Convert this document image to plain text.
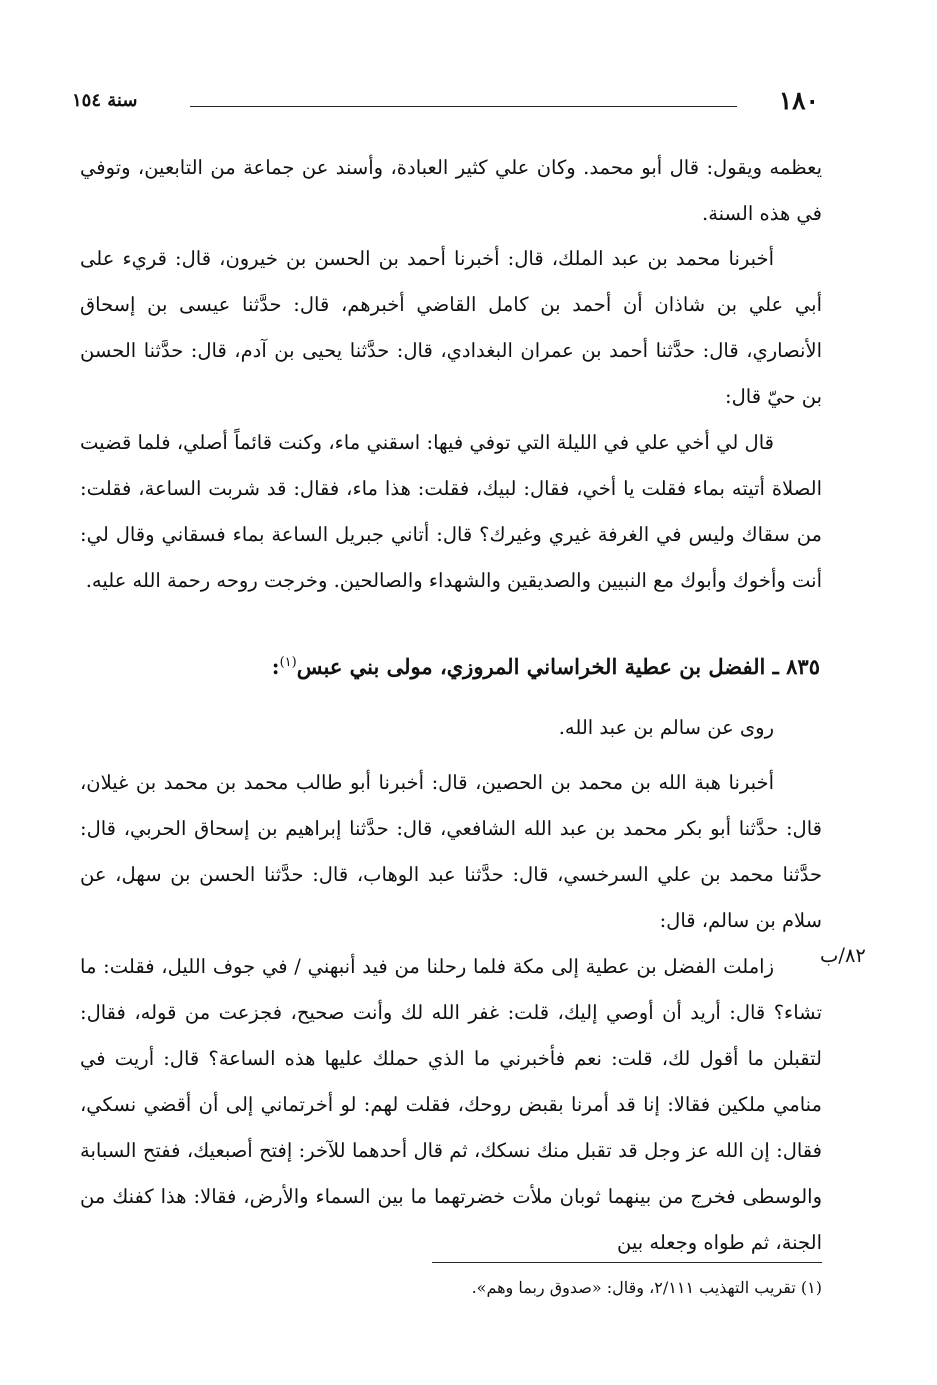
١٨٠
سنة ١٥٤

يعظمه ويقول: قال أبو محمد. وكان علي كثير العبادة، وأسند عن جماعة من التابعين، وتوفي في هذه السنة.

أخبرنا محمد بن عبد الملك، قال: أخبرنا أحمد بن الحسن بن خيرون، قال: قريء على أبي علي بن شاذان أن أحمد بن كامل القاضي أخبرهم، قال: حدَّثنا عيسى بن إسحاق الأنصاري، قال: حدَّثنا أحمد بن عمران البغدادي، قال: حدَّثنا يحيى بن آدم، قال: حدَّثنا الحسن بن حيّ قال:

قال لي أخي علي في الليلة التي توفي فيها: اسقني ماء، وكنت قائماً أصلي، فلما قضيت الصلاة أتيته بماء فقلت يا أخي، فقال: لبيك، فقلت: هذا ماء، فقال: قد شربت الساعة، فقلت: من سقاك وليس في الغرفة غيري وغيرك؟ قال: أتاني جبريل الساعة بماء فسقاني وقال لي: أنت وأخوك وأبوك مع النبيين والصديقين والشهداء والصالحين. وخرجت روحه رحمة الله عليه.

٨٣٥ ـ الفضل بن عطية الخراساني المروزي، مولى بني عبس$^{(١)}$:

روى عن سالم بن عبد الله.

أخبرنا هبة الله بن محمد بن الحصين، قال: أخبرنا أبو طالب محمد بن محمد بن غيلان، قال: حدَّثنا أبو بكر محمد بن عبد الله الشافعي، قال: حدَّثنا إبراهيم بن إسحاق الحربي، قال: حدَّثنا محمد بن علي السرخسي، قال: حدَّثنا عبد الوهاب، قال: حدَّثنا الحسن بن سهل، عن سلام بن سالم، قال:

٨٢/ب

زاملت الفضل بن عطية إلى مكة فلما رحلنا من فيد أنبهني / في جوف الليل، فقلت: ما تشاء؟ قال: أريد أن أوصي إليك، قلت: غفر الله لك وأنت صحيح، فجزعت من قوله، فقال: لتقبلن ما أقول لك، قلت: نعم فأخبرني ما الذي حملك عليها هذه الساعة؟ قال: أريت في منامي ملكين فقالا: إنا قد أمرنا بقبض روحك، فقلت لهم: لو أخرتماني إلى أن أقضي نسكي، فقال: إن الله عز وجل قد تقبل منك نسكك، ثم قال أحدهما للآخر: إفتح أصبعيك، ففتح السبابة والوسطى فخرج من بينهما ثوبان ملأت خضرتهما ما بين السماء والأرض، فقالا: هذا كفنك من الجنة، ثم طواه وجعله بين

(١) تقريب التهذيب ٢/١١١، وقال: «صدوق ربما وهم».
